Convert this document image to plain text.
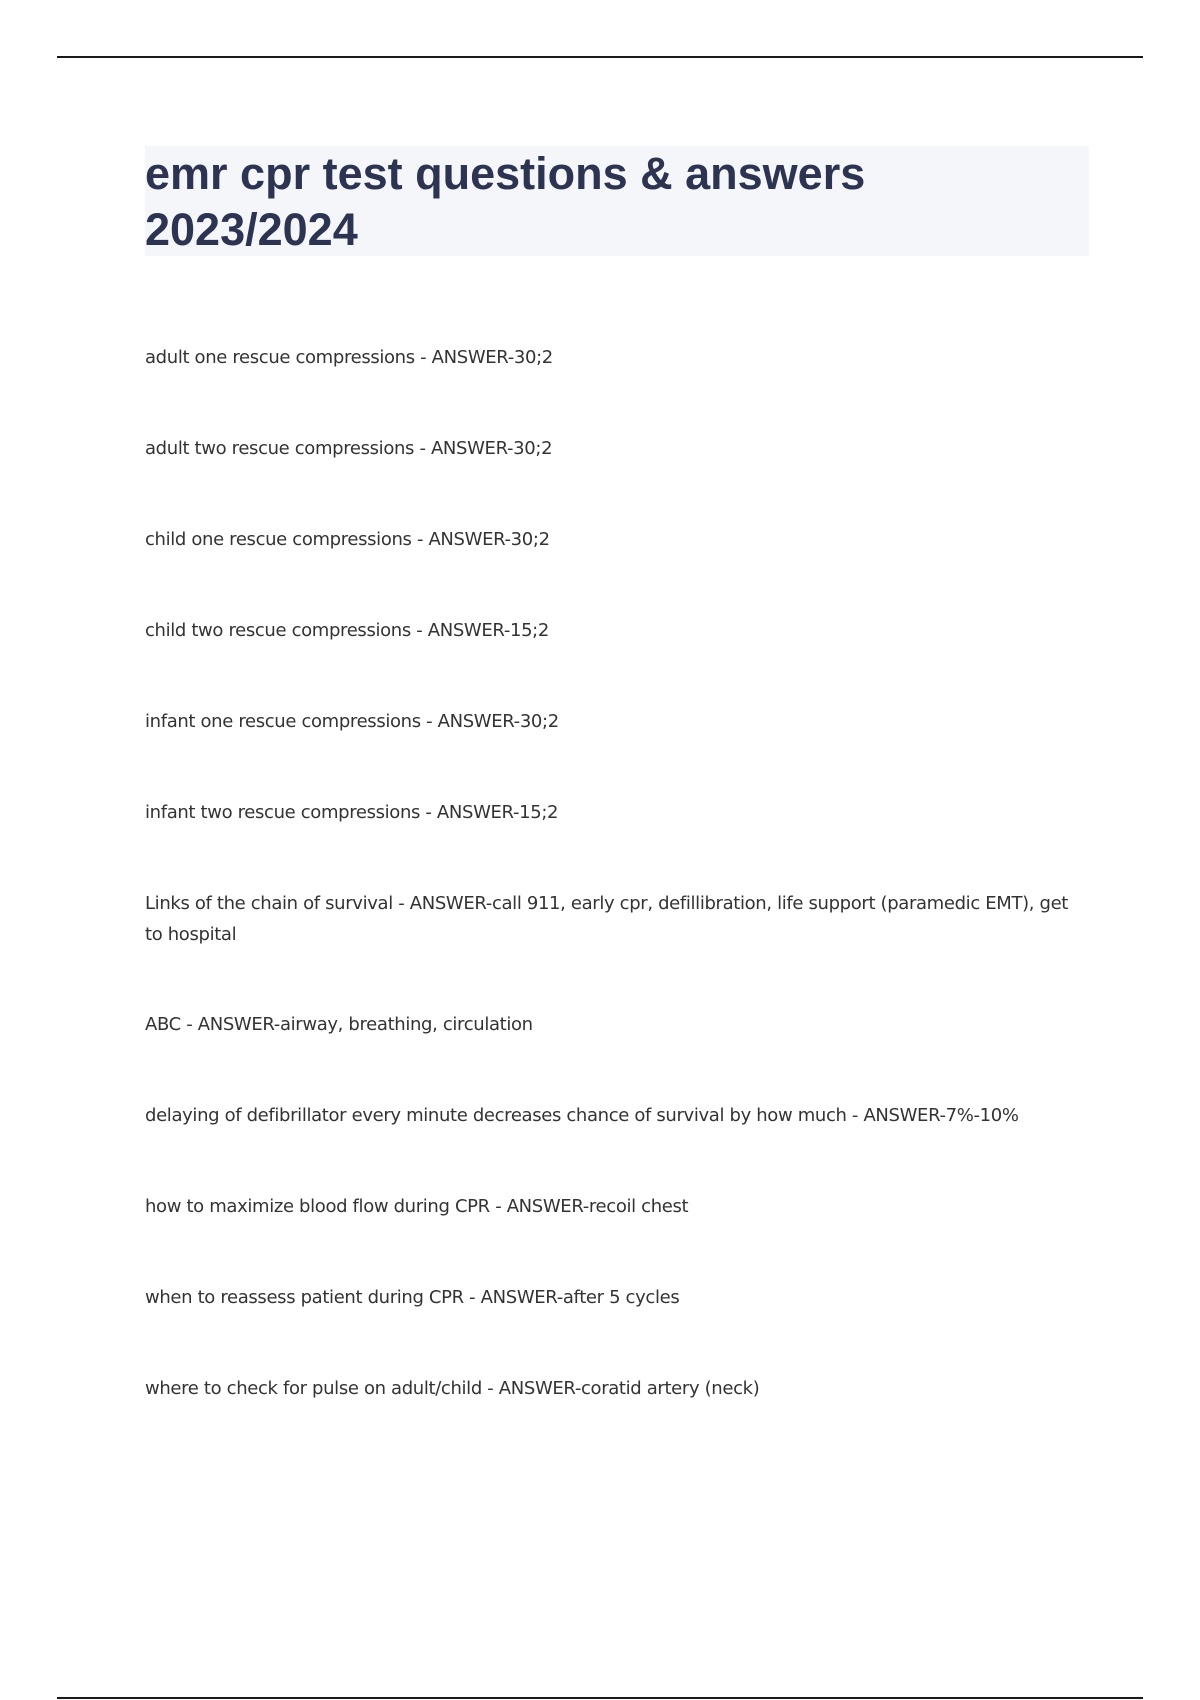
emr cpr test questions & answers 2023/2024

adult one rescue compressions - ANSWER-30;2

adult two rescue compressions - ANSWER-30;2

child one rescue compressions - ANSWER-30;2

child two rescue compressions - ANSWER-15;2

infant one rescue compressions - ANSWER-30;2

infant two rescue compressions - ANSWER-15;2

Links of the chain of survival - ANSWER-call 911, early cpr, defillibration, life support (paramedic EMT), get to hospital

ABC - ANSWER-airway, breathing, circulation

delaying of defibrillator every minute decreases chance of survival by how much - ANSWER-7%-10%

how to maximize blood flow during CPR - ANSWER-recoil chest

when to reassess patient during CPR - ANSWER-after 5 cycles

where to check for pulse on adult/child - ANSWER-coratid artery (neck)
